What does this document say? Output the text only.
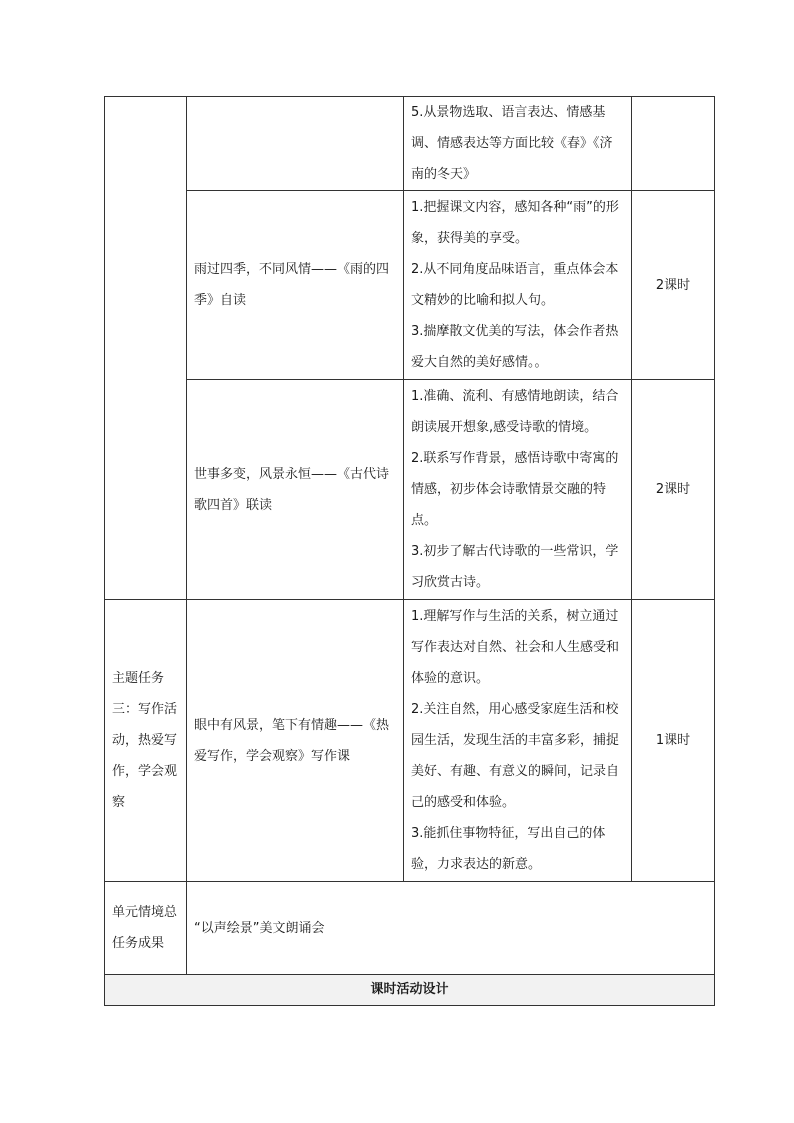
		5.从景物选取、语言表达、情感基调、情感表达等方面比较《春》《济南的冬天》	

	雨过四季，不同风情——《雨的四季》自读	1.把握课文内容，感知各种“雨”的形象，获得美的享受。
2.从不同角度品味语言，重点体会本文精妙的比喻和拟人句。
3.揣摩散文优美的写法，体会作者热爱大自然的美好感情。。	2课时
	世事多变，风景永恒——《古代诗歌四首》联读	1.准确、流利、有感情地朗读，结合朗读展开想象,感受诗歌的情境。
2.联系写作背景，感悟诗歌中寄寓的情感，初步体会诗歌情景交融的特点。
3.初步了解古代诗歌的一些常识，学习欣赏古诗。	2课时
主题任务三：写作活动，热爱写作，学会观察	眼中有风景，笔下有情趣——《热爱写作，学会观察》写作课	1.理解写作与生活的关系，树立通过写作表达对自然、社会和人生感受和体验的意识。
2.关注自然，用心感受家庭生活和校园生活，发现生活的丰富多彩，捕捉美好、有趣、有意义的瞬间，记录自己的感受和体验。
3.能抓住事物特征，写出自己的体验，力求表达的新意。	1课时
单元情境总任务成果	“以声绘景”美文朗诵会		
课时活动设计			
